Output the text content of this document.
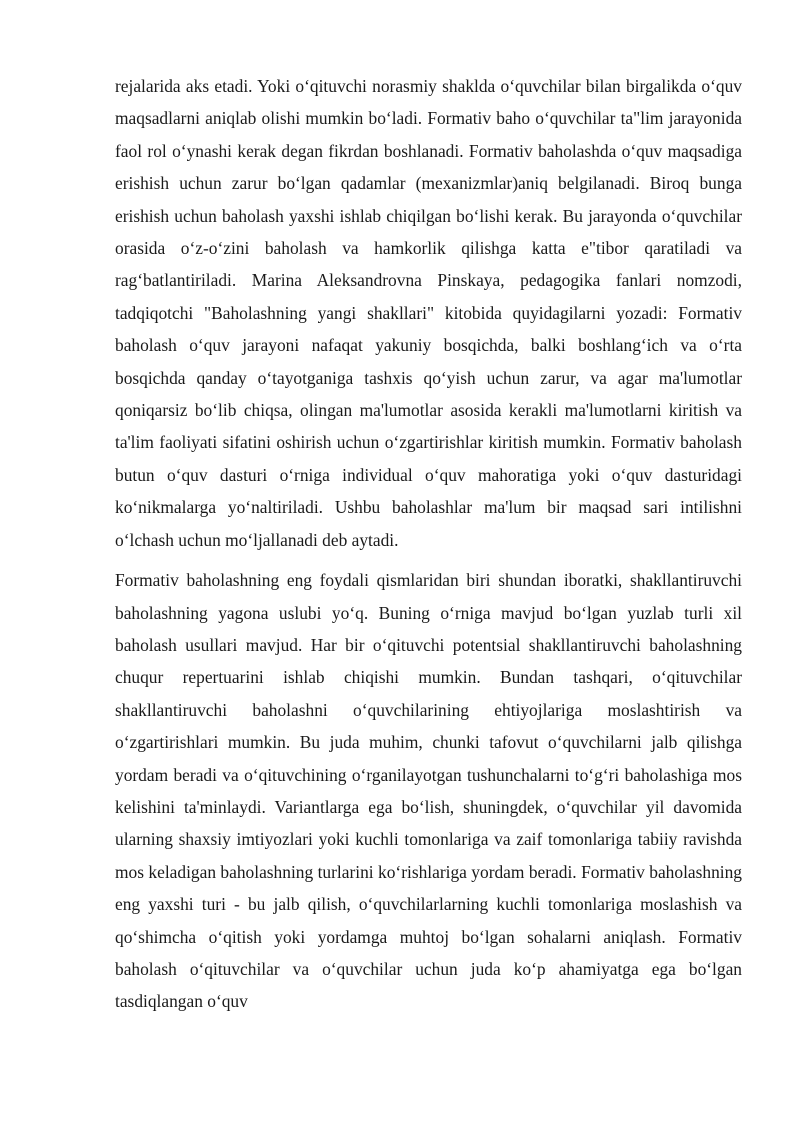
rejalarida aks etadi. Yoki o‘qituvchi norasmiy shaklda o‘quvchilar bilan birgalikda o‘quv maqsadlarni aniqlab olishi mumkin bo‘ladi. Formativ baho o‘quvchilar ta"lim jarayonida faol rol o‘ynashi kerak degan fikrdan boshlanadi. Formativ baholashda o‘quv maqsadiga erishish uchun zarur bo‘lgan qadamlar (mexanizmlar)aniq belgilanadi. Biroq bunga erishish uchun baholash yaxshi ishlab chiqilgan bo‘lishi kerak. Bu jarayonda o‘quvchilar orasida o‘z-o‘zini baholash va hamkorlik qilishga katta e"tibor qaratiladi va rag‘batlantiriladi. Marina Aleksandrovna Pinskaya, pedagogika fanlari nomzodi, tadqiqotchi "Baholashning yangi shakllari" kitobida quyidagilarni yozadi: Formativ baholash o‘quv jarayoni nafaqat yakuniy bosqichda, balki boshlang‘ich va o‘rta bosqichda qanday o‘tayotganiga tashxis qo‘yish uchun zarur, va agar ma'lumotlar qoniqarsiz bo‘lib chiqsa, olingan ma'lumotlar asosida kerakli ma'lumotlarni kiritish va ta'lim faoliyati sifatini oshirish uchun o‘zgartirishlar kiritish mumkin. Formativ baholash butun o‘quv dasturi o‘rniga individual o‘quv mahoratiga yoki o‘quv dasturidagi ko‘nikmalarga yo‘naltiriladi. Ushbu baholashlar ma'lum bir maqsad sari intilishni o‘lchash uchun mo‘ljallanadi deb aytadi.

Formativ baholashning eng foydali qismlaridan biri shundan iboratki, shakllantiruvchi baholashning yagona uslubi yo‘q. Buning o‘rniga mavjud bo‘lgan yuzlab turli xil baholash usullari mavjud. Har bir o‘qituvchi potentsial shakllantiruvchi baholashning chuqur repertuarini ishlab chiqishi mumkin. Bundan tashqari, o‘qituvchilar shakllantiruvchi baholashni o‘quvchilarining ehtiyojlariga moslashtirish va o‘zgartirishlari mumkin. Bu juda muhim, chunki tafovut o‘quvchilarni jalb qilishga yordam beradi va o‘qituvchining o‘rganilayotgan tushunchalarni to‘g‘ri baholashiga mos kelishini ta'minlaydi. Variantlarga ega bo‘lish, shuningdek, o‘quvchilar yil davomida ularning shaxsiy imtiyozlari yoki kuchli tomonlariga va zaif tomonlariga tabiiy ravishda mos keladigan baholashning turlarini ko‘rishlariga yordam beradi. Formativ baholashning eng yaxshi turi - bu jalb qilish, o‘quvchilarlarning kuchli tomonlariga moslashish va qo‘shimcha o‘qitish yoki yordamga muhtoj bo‘lgan sohalarni aniqlash. Formativ baholash o‘qituvchilar va o‘quvchilar uchun juda ko‘p ahamiyatga ega bo‘lgan tasdiqlangan o‘quv
